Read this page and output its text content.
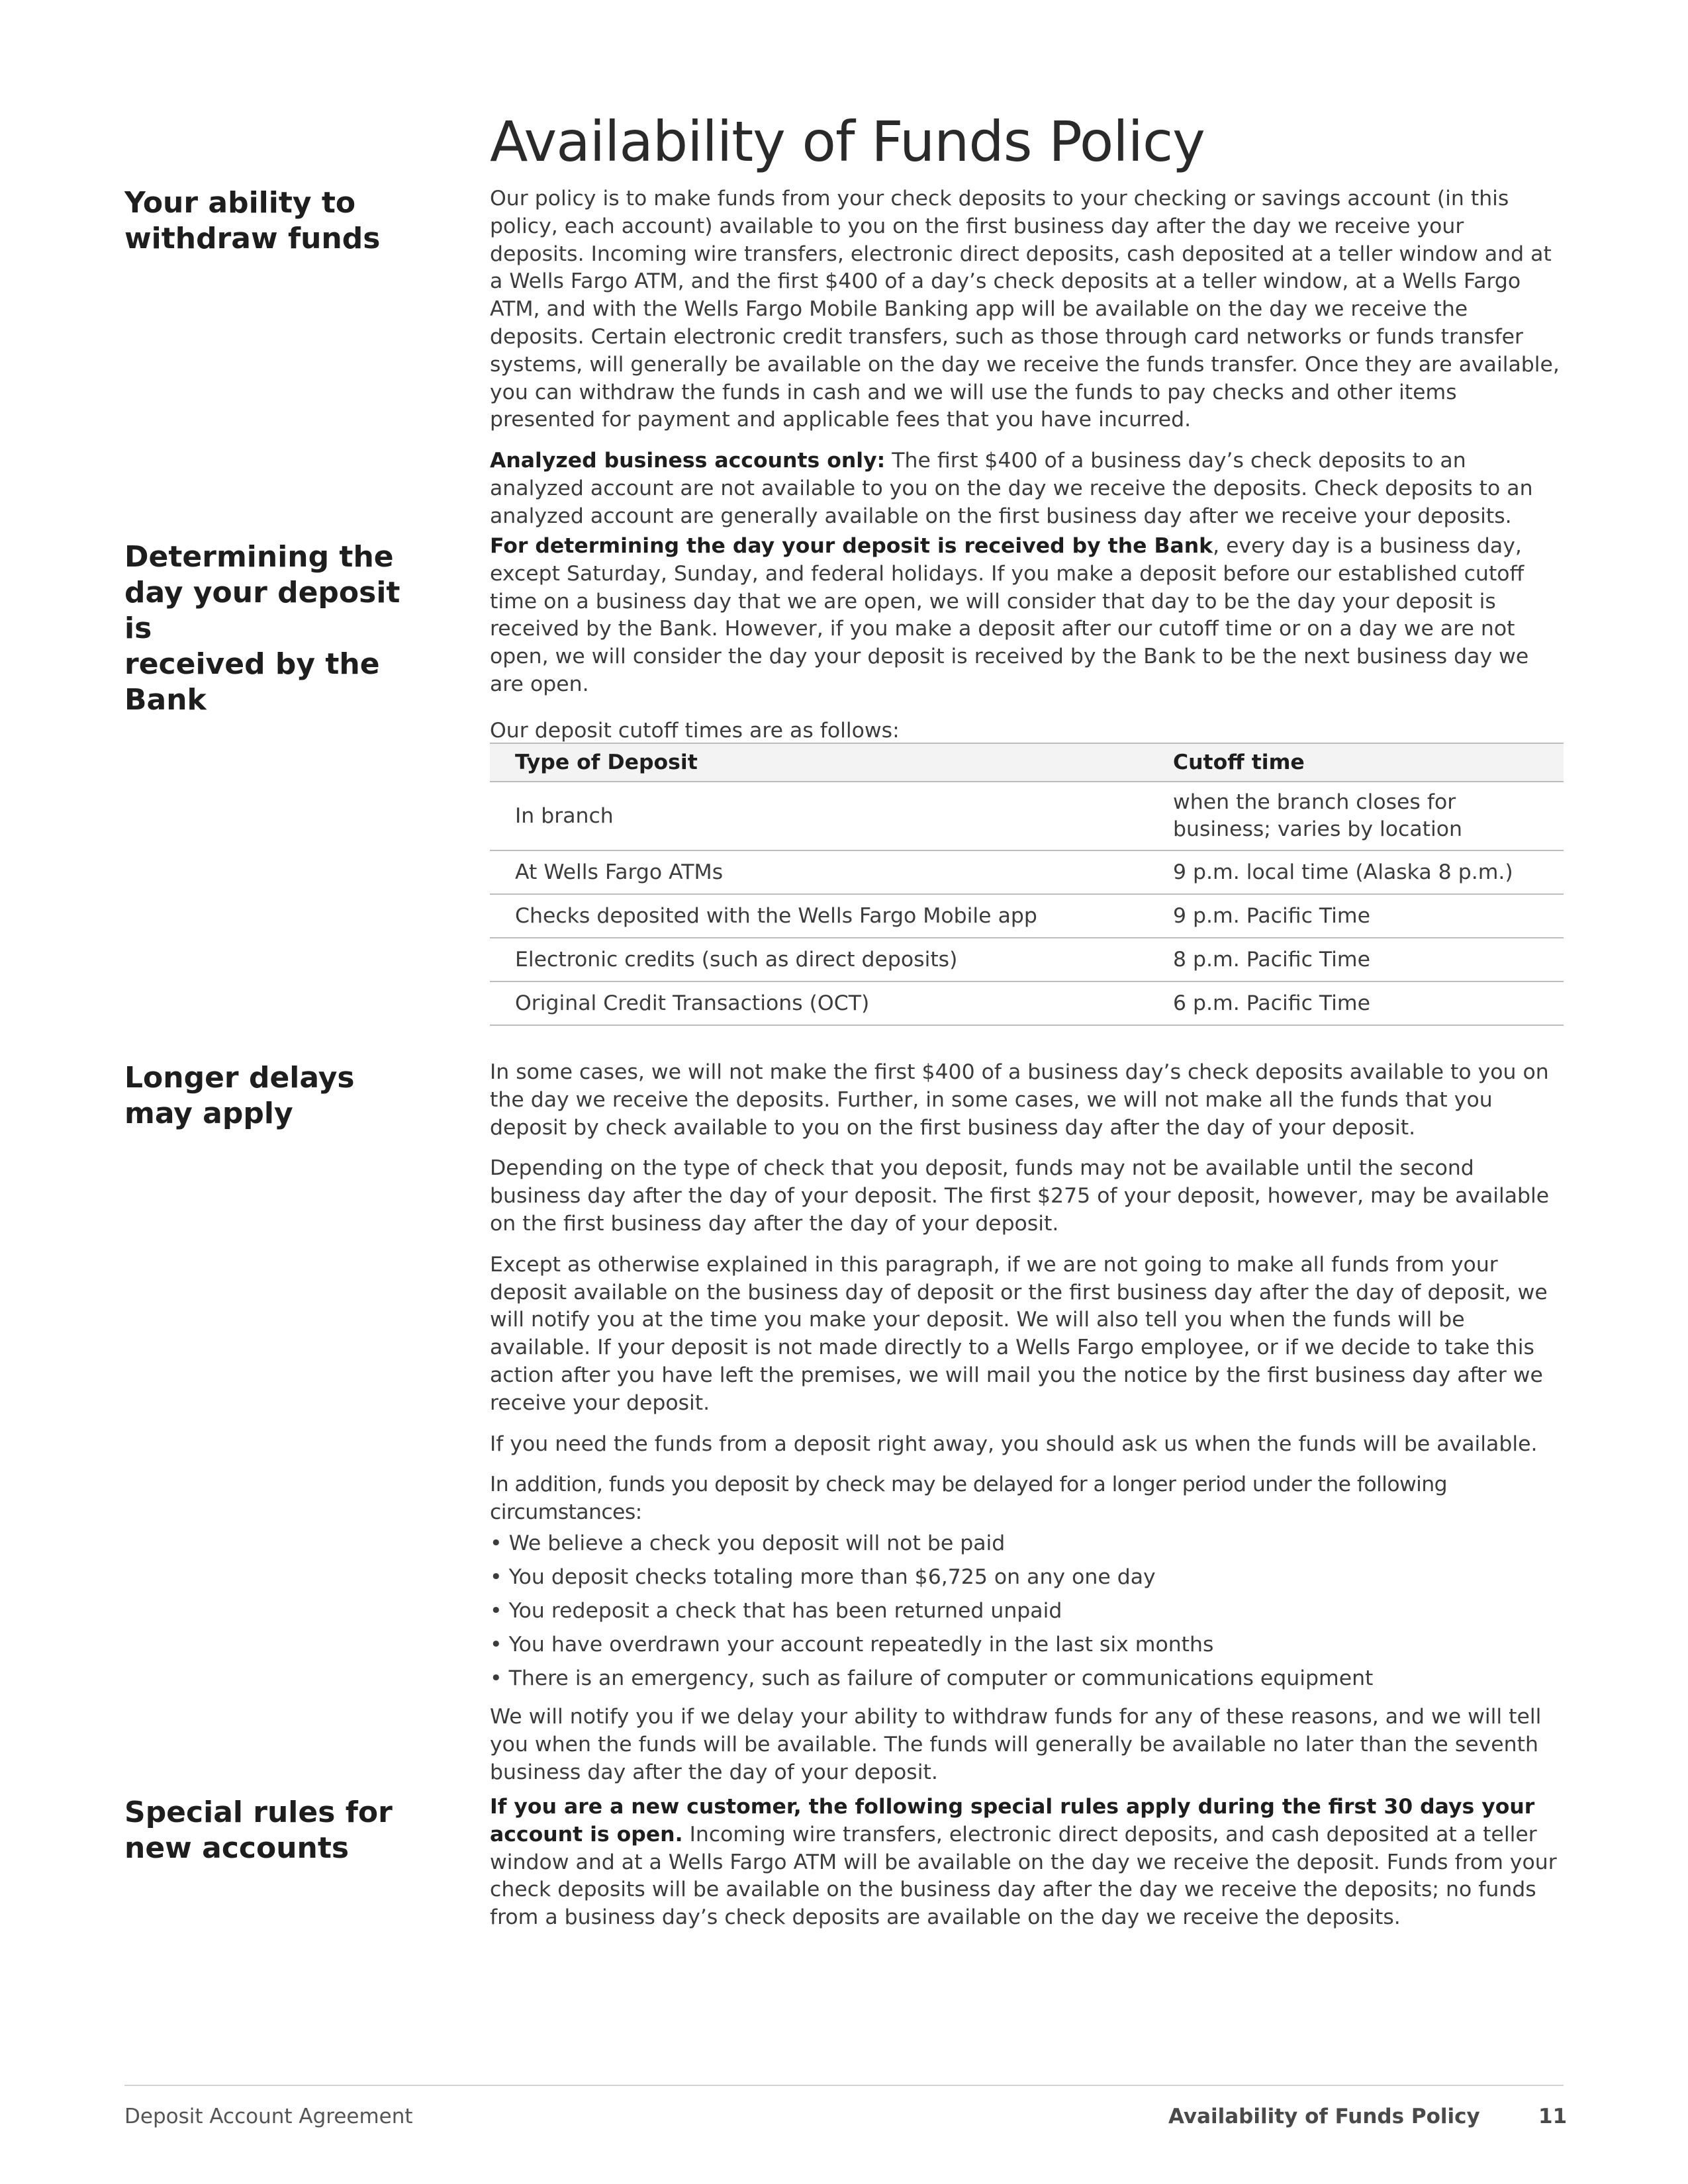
Availability of Funds Policy
Your ability to
withdraw funds

Our policy is to make funds from your check deposits to your checking or savings account (in this policy, each account) available to you on the first business day after the day we receive your deposits. Incoming wire transfers, electronic direct deposits, cash deposited at a teller window and at a Wells Fargo ATM, and the first $400 of a day’s check deposits at a teller window, at a Wells Fargo ATM, and with the Wells Fargo Mobile Banking app will be available on the day we receive the deposits. Certain electronic credit transfers, such as those through card networks or funds transfer systems, will generally be available on the day we receive the funds transfer. Once they are available, you can withdraw the funds in cash and we will use the funds to pay checks and other items presented for payment and applicable fees that you have incurred.

Analyzed business accounts only: The first $400 of a business day’s check deposits to an analyzed account are not available to you on the day we receive the deposits. Check deposits to an analyzed account are generally available on the first business day after we receive your deposits.

Determining the
day your deposit is
received by the Bank

For determining the day your deposit is received by the Bank, every day is a business day, except Saturday, Sunday, and federal holidays. If you make a deposit before our established cutoff time on a business day that we are open, we will consider that day to be the day your deposit is received by the Bank. However, if you make a deposit after our cutoff time or on a day we are not open, we will consider the day your deposit is received by the Bank to be the next business day we are open.

Our deposit cutoff times are as follows:

Type of Deposit	Cutoff time
In branch	when the branch closes for business; varies by location
At Wells Fargo ATMs	9 p.m. local time (Alaska 8 p.m.)
Checks deposited with the Wells Fargo Mobile app	9 p.m. Pacific Time
Electronic credits (such as direct deposits)	8 p.m. Pacific Time
Original Credit Transactions (OCT)	6 p.m. Pacific Time
Longer delays
may apply

In some cases, we will not make the first $400 of a business day’s check deposits available to you on the day we receive the deposits. Further, in some cases, we will not make all the funds that you deposit by check available to you on the first business day after the day of your deposit.

Depending on the type of check that you deposit, funds may not be available until the second business day after the day of your deposit. The first $275 of your deposit, however, may be available on the first business day after the day of your deposit.

Except as otherwise explained in this paragraph, if we are not going to make all funds from your deposit available on the business day of deposit or the first business day after the day of deposit, we will notify you at the time you make your deposit. We will also tell you when the funds will be available. If your deposit is not made directly to a Wells Fargo employee, or if we decide to take this action after you have left the premises, we will mail you the notice by the first business day after we receive your deposit.

If you need the funds from a deposit right away, you should ask us when the funds will be available.

In addition, funds you deposit by check may be delayed for a longer period under the following circumstances:

• We believe a check you deposit will not be paid

• You deposit checks totaling more than $6,725 on any one day

• You redeposit a check that has been returned unpaid

• You have overdrawn your account repeatedly in the last six months

• There is an emergency, such as failure of computer or communications equipment

We will notify you if we delay your ability to withdraw funds for any of these reasons, and we will tell you when the funds will be available. The funds will generally be available no later than the seventh business day after the day of your deposit.

Special rules for
new accounts

If you are a new customer, the following special rules apply during the first 30 days your account is open. Incoming wire transfers, electronic direct deposits, and cash deposited at a teller window and at a Wells Fargo ATM will be available on the day we receive the deposit. Funds from your check deposits will be available on the business day after the day we receive the deposits; no funds from a business day’s check deposits are available on the day we receive the deposits.

Deposit Account Agreement	Availability of Funds Policy	11
